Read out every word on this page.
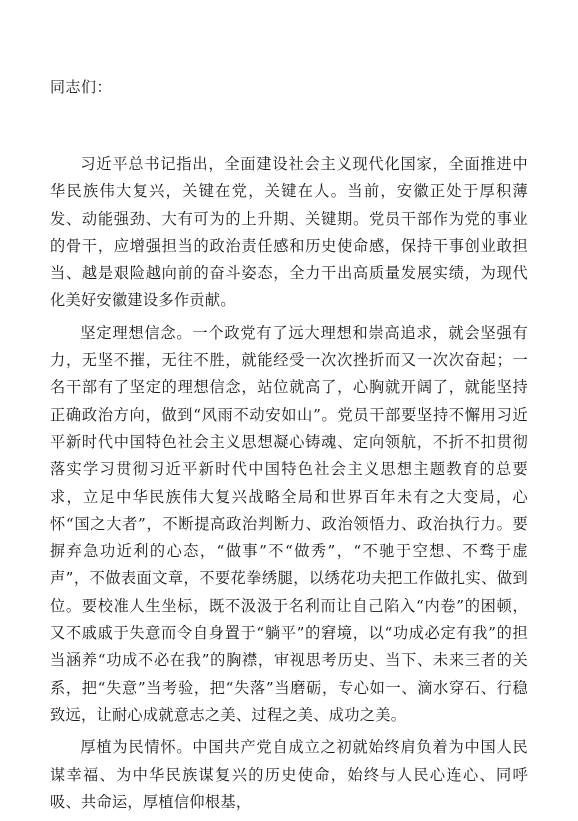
同志们：

习近平总书记指出，全面建设社会主义现代化国家，全面推进中华民族伟大复兴，关键在党，关键在人。当前，安徽正处于厚积薄发、动能强劲、大有可为的上升期、关键期。党员干部作为党的事业的骨干，应增强担当的政治责任感和历史使命感，保持干事创业敢担当、越是艰险越向前的奋斗姿态，全力干出高质量发展实绩，为现代化美好安徽建设多作贡献。

坚定理想信念。一个政党有了远大理想和崇高追求，就会坚强有力，无坚不摧，无往不胜，就能经受一次次挫折而又一次次奋起；一名干部有了坚定的理想信念，站位就高了，心胸就开阔了，就能坚持正确政治方向，做到“风雨不动安如山”。党员干部要坚持不懈用习近平新时代中国特色社会主义思想凝心铸魂、定向领航，不折不扣贯彻落实学习贯彻习近平新时代中国特色社会主义思想主题教育的总要求，立足中华民族伟大复兴战略全局和世界百年未有之大变局，心怀“国之大者”，不断提高政治判断力、政治领悟力、政治执行力。要摒弃急功近利的心态，“做事”不“做秀”，“不驰于空想、不骛于虚声”，不做表面文章，不要花拳绣腿，以绣花功夫把工作做扎实、做到位。要校准人生坐标，既不汲汲于名利而让自己陷入“内卷”的困顿，又不戚戚于失意而令自身置于“躺平”的窘境，以“功成必定有我”的担当涵养“功成不必在我”的胸襟，审视思考历史、当下、未来三者的关系，把“失意”当考验，把“失落”当磨砺，专心如一、滴水穿石、行稳致远，让耐心成就意志之美、过程之美、成功之美。

厚植为民情怀。中国共产党自成立之初就始终肩负着为中国人民谋幸福、为中华民族谋复兴的历史使命，始终与人民心连心、同呼吸、共命运，厚植信仰根基，
